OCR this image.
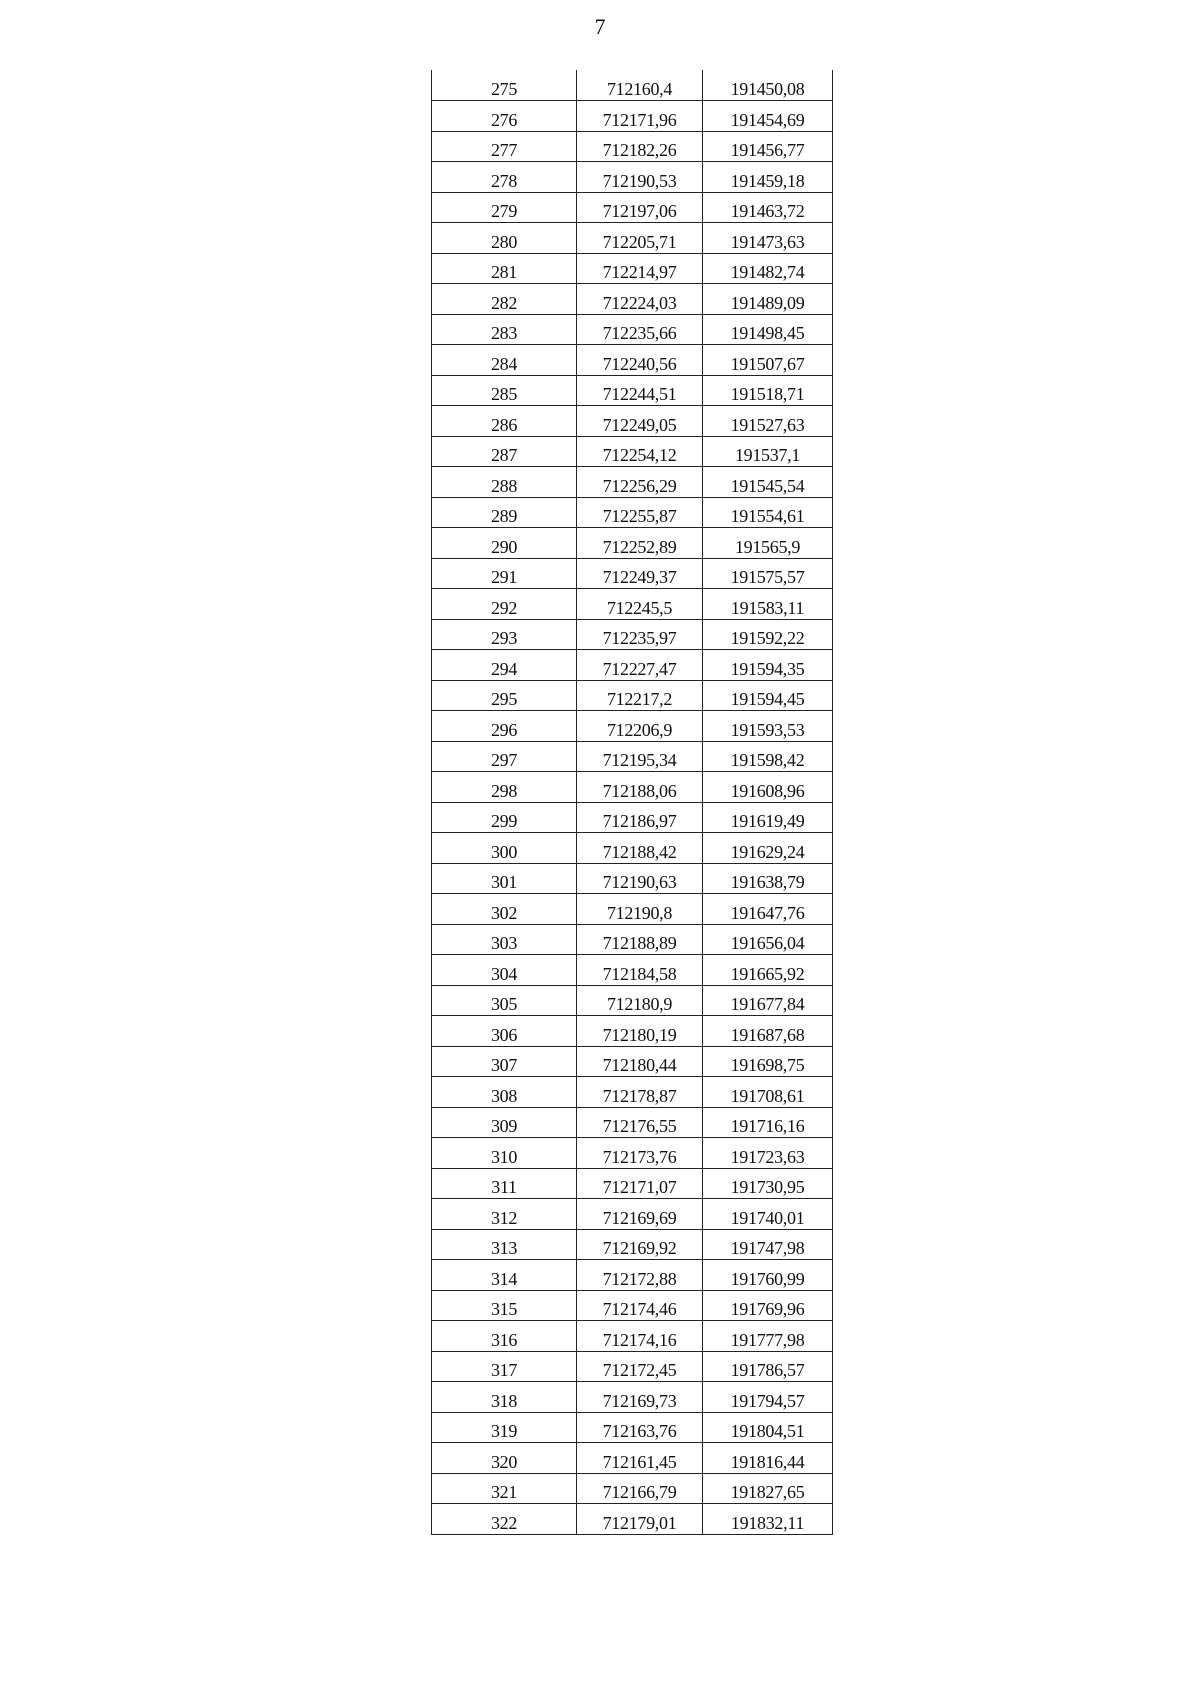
7
275	712160,4	191450,08
276	712171,96	191454,69
277	712182,26	191456,77
278	712190,53	191459,18
279	712197,06	191463,72
280	712205,71	191473,63
281	712214,97	191482,74
282	712224,03	191489,09
283	712235,66	191498,45
284	712240,56	191507,67
285	712244,51	191518,71
286	712249,05	191527,63
287	712254,12	191537,1
288	712256,29	191545,54
289	712255,87	191554,61
290	712252,89	191565,9
291	712249,37	191575,57
292	712245,5	191583,11
293	712235,97	191592,22
294	712227,47	191594,35
295	712217,2	191594,45
296	712206,9	191593,53
297	712195,34	191598,42
298	712188,06	191608,96
299	712186,97	191619,49
300	712188,42	191629,24
301	712190,63	191638,79
302	712190,8	191647,76
303	712188,89	191656,04
304	712184,58	191665,92
305	712180,9	191677,84
306	712180,19	191687,68
307	712180,44	191698,75
308	712178,87	191708,61
309	712176,55	191716,16
310	712173,76	191723,63
311	712171,07	191730,95
312	712169,69	191740,01
313	712169,92	191747,98
314	712172,88	191760,99
315	712174,46	191769,96
316	712174,16	191777,98
317	712172,45	191786,57
318	712169,73	191794,57
319	712163,76	191804,51
320	712161,45	191816,44
321	712166,79	191827,65
322	712179,01	191832,11
